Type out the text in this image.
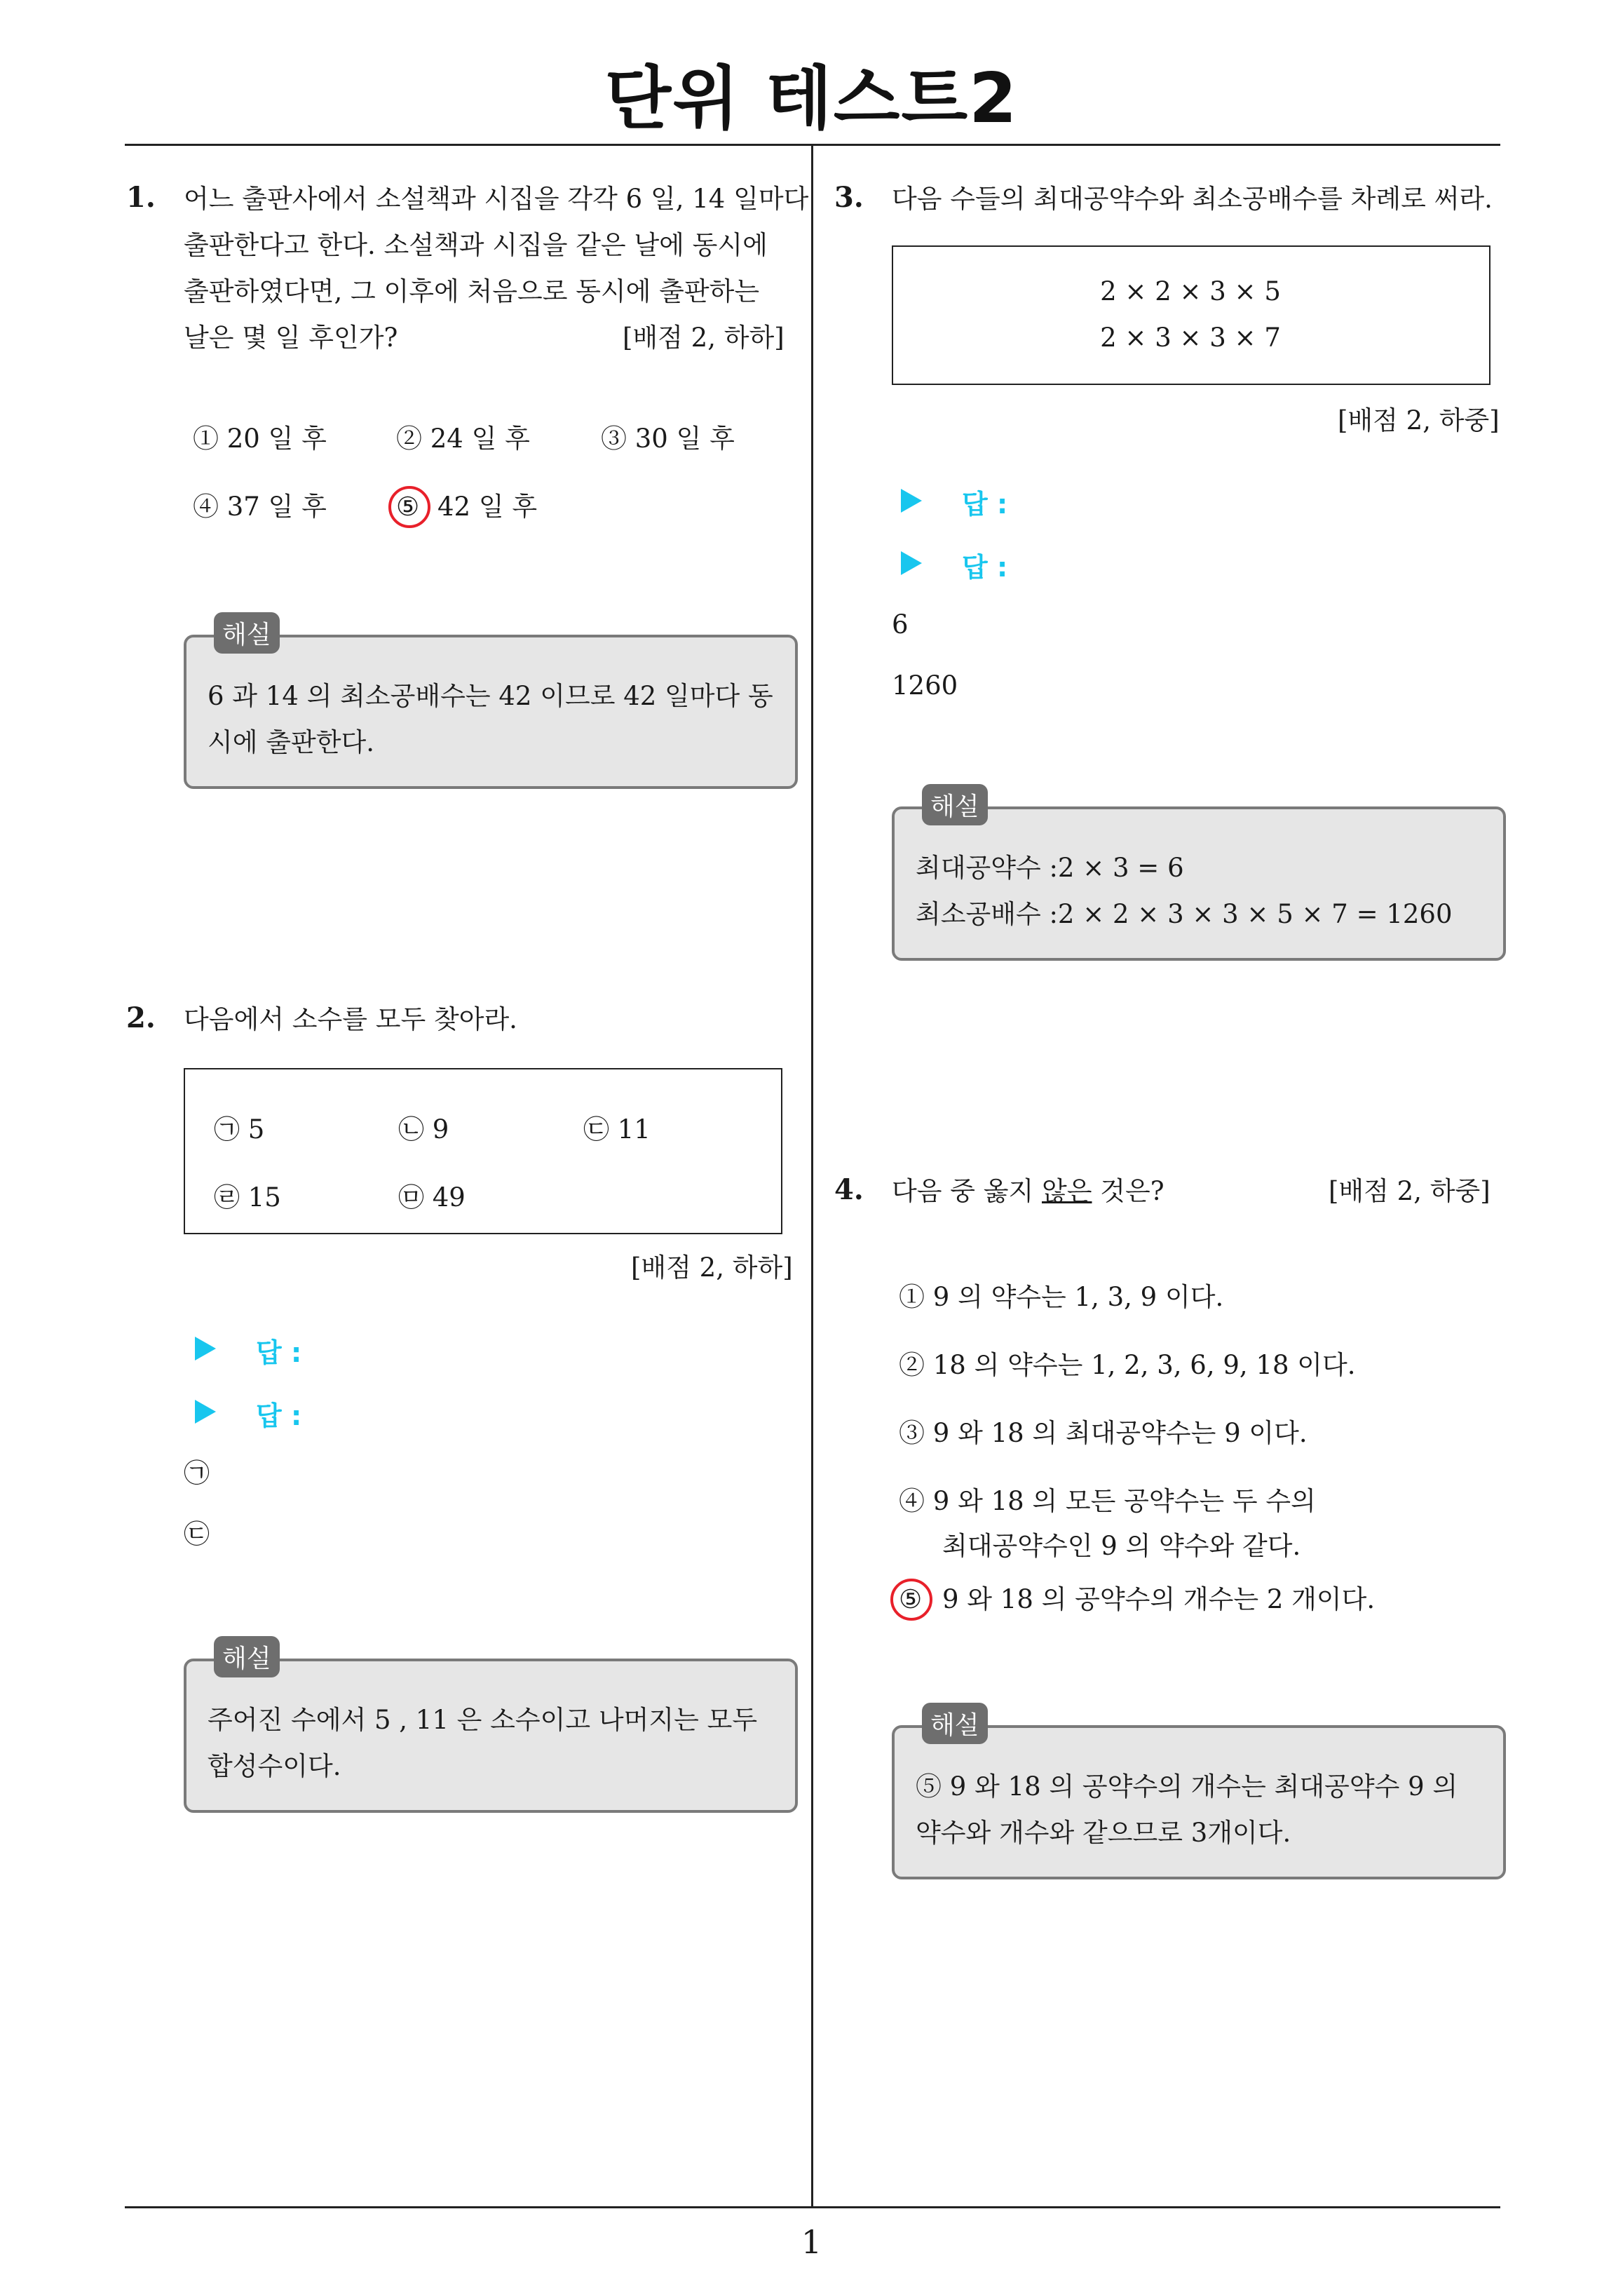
단위 테스트2
1
1. 어느 출판사에서 소설책과 시집을 각각 6 일, 14 일마다
출판한다고 한다. 소설책과 시집을 같은 날에 동시에
출판하였다면, 그 이후에 처음으로 동시에 출판하는
날은 몇 일 후인가?	[배점 2, 하하]
① 20 일 후	② 24 일 후	③ 30 일 후
④ 37 일 후	⑤ 42 일 후
6 과 14 의 최소공배수는 42 이므로 42 일마다 동
시에 출판한다.
해설
2. 다음에서 소수를 모두 찾아라.
㉠ 5	㉡ 9	㉢ 11
㉣ 15	㉤ 49
[배점 2, 하하]
답 :
답 :
㉠
㉢
주어진 수에서 5 , 11 은 소수이고 나머지는 모두
합성수이다.
해설
3. 다음 수들의 최대공약수와 최소공배수를 차례로 써라.
2 × 2 × 3 × 5
2 × 3 × 3 × 7
[배점 2, 하중]
답 :
답 :
6
1260
최대공약수 :2 × 3 = 6
최소공배수 :2 × 2 × 3 × 3 × 5 × 7 = 1260
해설
4. 다음 중 옳지 않은 것은?	[배점 2, 하중]
① 9 의 약수는 1, 3, 9 이다.
② 18 의 약수는 1, 2, 3, 6, 9, 18 이다.
③ 9 와 18 의 최대공약수는 9 이다.
④ 9 와 18 의 모든 공약수는 두 수의
최대공약수인 9 의 약수와 같다.
⑤ 9 와 18 의 공약수의 개수는 2 개이다.
⑤ 9 와 18 의 공약수의 개수는 최대공약수 9 의
약수와 개수와 같으므로 3개이다.
해설
